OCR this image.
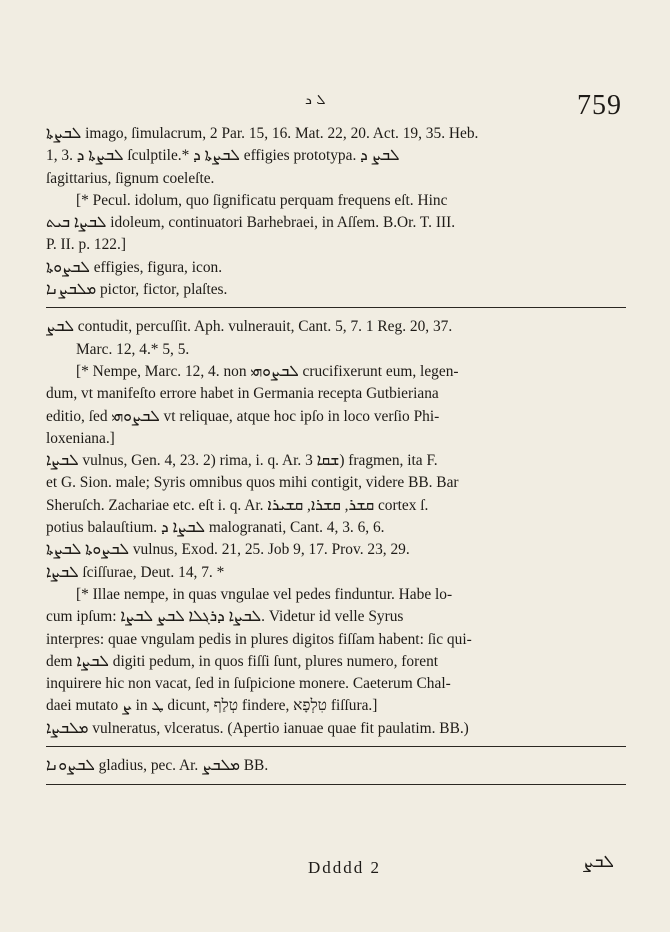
ܠ ܖ	759

ܠܒܨܬܐ imago, ſimulacrum, 2 Par. 15, 16. Mat. 22, 20. Act. 19, 35. Heb.

1, 3. ܠܒܨܬܐ ܕ ſculptile.* ܠܒܨܬܐ ܕ effigies prototypa. ܠܒܨ ܕ

ſagittarius, ſignum coeleſte.

[* Pecul. idolum, quo ſignificatu perquam frequens eſt. Hinc

ܠܒܨܐ ܒܝܬ idoleum, continuatori Barhebraei, in Aſſem. B.Or. T. III.

P. II. p. 122.]

ܠܒܨܘܬܐ effigies, figura, icon.

ܡܠܒܨܢܐ pictor, fictor, plaſtes.

ܠܒܨ contudit, percuſſit. Aph. vulnerauit, Cant. 5, 7. 1 Reg. 20, 37.

Marc. 12, 4.* 5, 5.

[* Nempe, Marc. 12, 4. non ܠܒܨܘܗܝ crucifixerunt eum, legen-

dum, vt manifeſto errore habet in Germania recepta Gutbieriana

editio, ſed ܠܒܨܘܗܝ vt reliquae, atque hoc ipſo in loco verſio Phi-

loxeniana.]

ܠܒܨܐ vulnus, Gen. 4, 23. 2) rima, i. q. Ar. ܫܩܐ 3) fragmen, ita F.

et G. Sion. male; Syris omnibus quos mihi contigit, videre BB. Bar

Sheruſch. Zachariae etc. eſt i. q. Ar. ܩܫܪ, ܩܫܪܐ, ܩܫܝܪܐ cortex ſ.

potius balauſtium. ܠܒܨܐ ܕ malogranati, Cant. 4, 3. 6, 6.

ܠܒܨܘܬܐ ܠܒܨܬܐ vulnus, Exod. 21, 25. Job 9, 17. Prov. 23, 29.

ܠܒܨܐ ſciſſurae, Deut. 14, 7. *

[* Illae nempe, in quas vngulae vel pedes finduntur. Habe lo-

cum ipſum: ܠܒܨܐ ܕܪܓܠܐ ܠܒܨ ܠܒܨܐ. Videtur id velle Syrus

interpres: quae vngulam pedis in plures digitos fiſſam habent: ſic qui-

dem ܠܒܨܐ digiti pedum, in quos fiſſi ſunt, plures numero, forent

inquirere hic non vacat, ſed in ſuſpicione monere. Caeterum Chal-

daei mutato ܨ in ܛ dicunt, טְלַף findere, טִלְפָא fiſſura.]

ܡܠܒܨܐ vulneratus, vlceratus. (Apertio ianuae quae fit paulatim. BB.)

ܠܒܨܘܢܐ gladius, pec. Ar. ܡܠܒܨ BB.

Ddddd 2	ܠܒܨ
